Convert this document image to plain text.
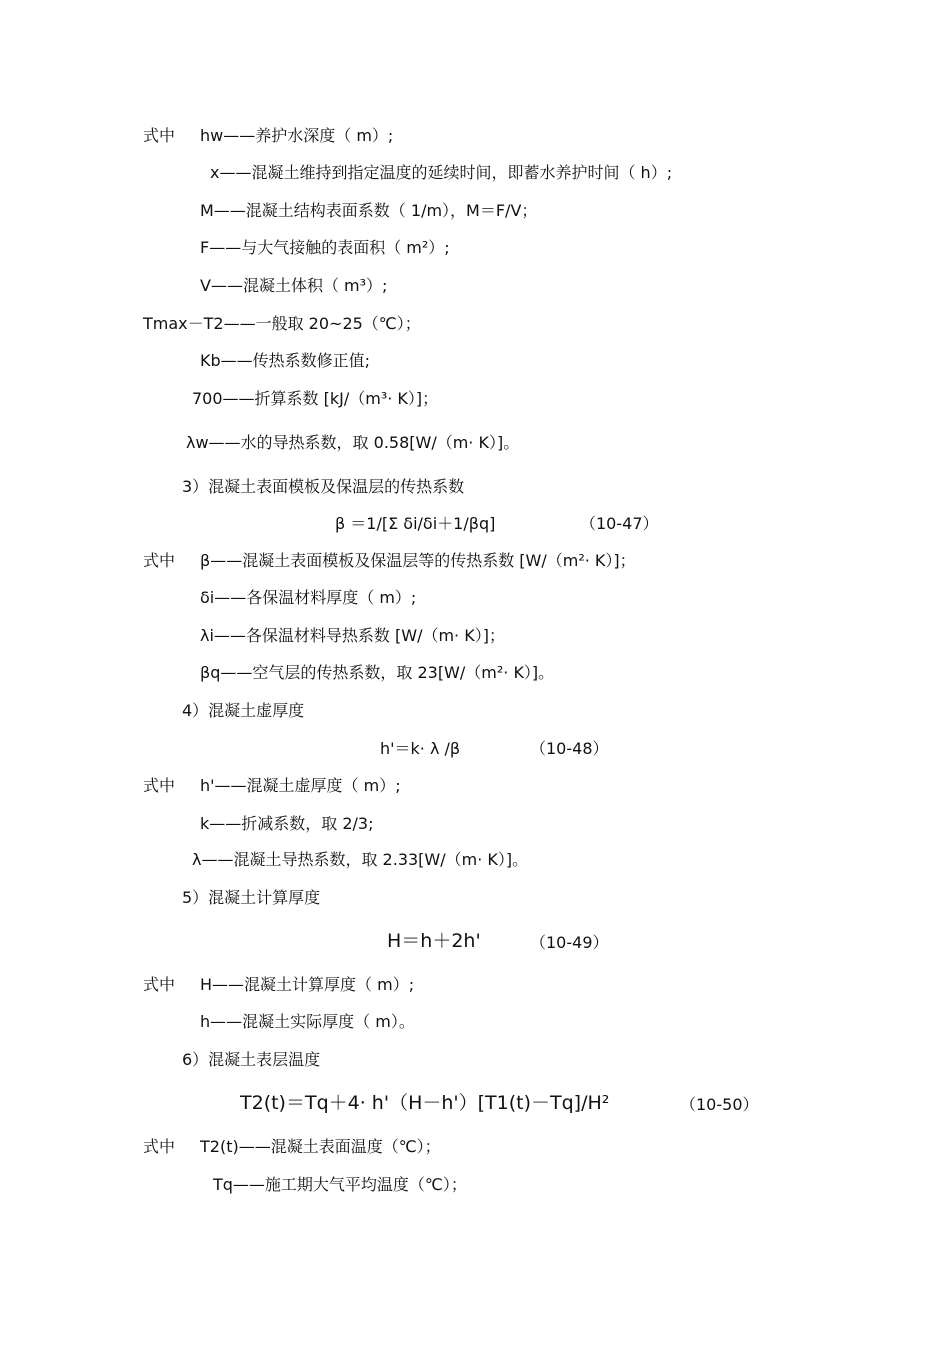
式中 hw——养护水深度（ m）;
x——混凝土维持到指定温度的延续时间，即蓄水养护时间（ h）;
M——混凝土结构表面系数（ 1/m），M＝F/V；
F——与大气接触的表面积（ m²）;
V——混凝土体积（ m³）;
Tmax－T2——一般取 20~25（℃）；
Kb——传热系数修正值;
700——折算系数 [kJ/（m³· K）]；
λw——水的导热系数，取 0.58[W/（m· K）]。
3）混凝土表面模板及保温层的传热系数
β ＝1/[Σ δi/δi＋1/βq]	（10-47）
式中 β——混凝土表面模板及保温层等的传热系数 [W/（m²· K）]；
δi——各保温材料厚度（ m）;
λi——各保温材料导热系数 [W/（m· K）]；
βq——空气层的传热系数，取 23[W/（m²· K）]。
4）混凝土虚厚度
h'＝k· λ /β	（10-48）
式中 h'——混凝土虚厚度（ m）;
k——折减系数，取 2/3;
λ——混凝土导热系数，取 2.33[W/（m· K）]。
5）混凝土计算厚度
H＝h＋2h'	（10-49）
式中 H——混凝土计算厚度（ m）;
h——混凝土实际厚度（ m）。
6）混凝土表层温度
T2(t)＝Tq＋4· h'（H－h'）[T1(t)－Tq]/H²	（10-50）
式中 T2(t)——混凝土表面温度（℃）；
Tq——施工期大气平均温度（℃）；
